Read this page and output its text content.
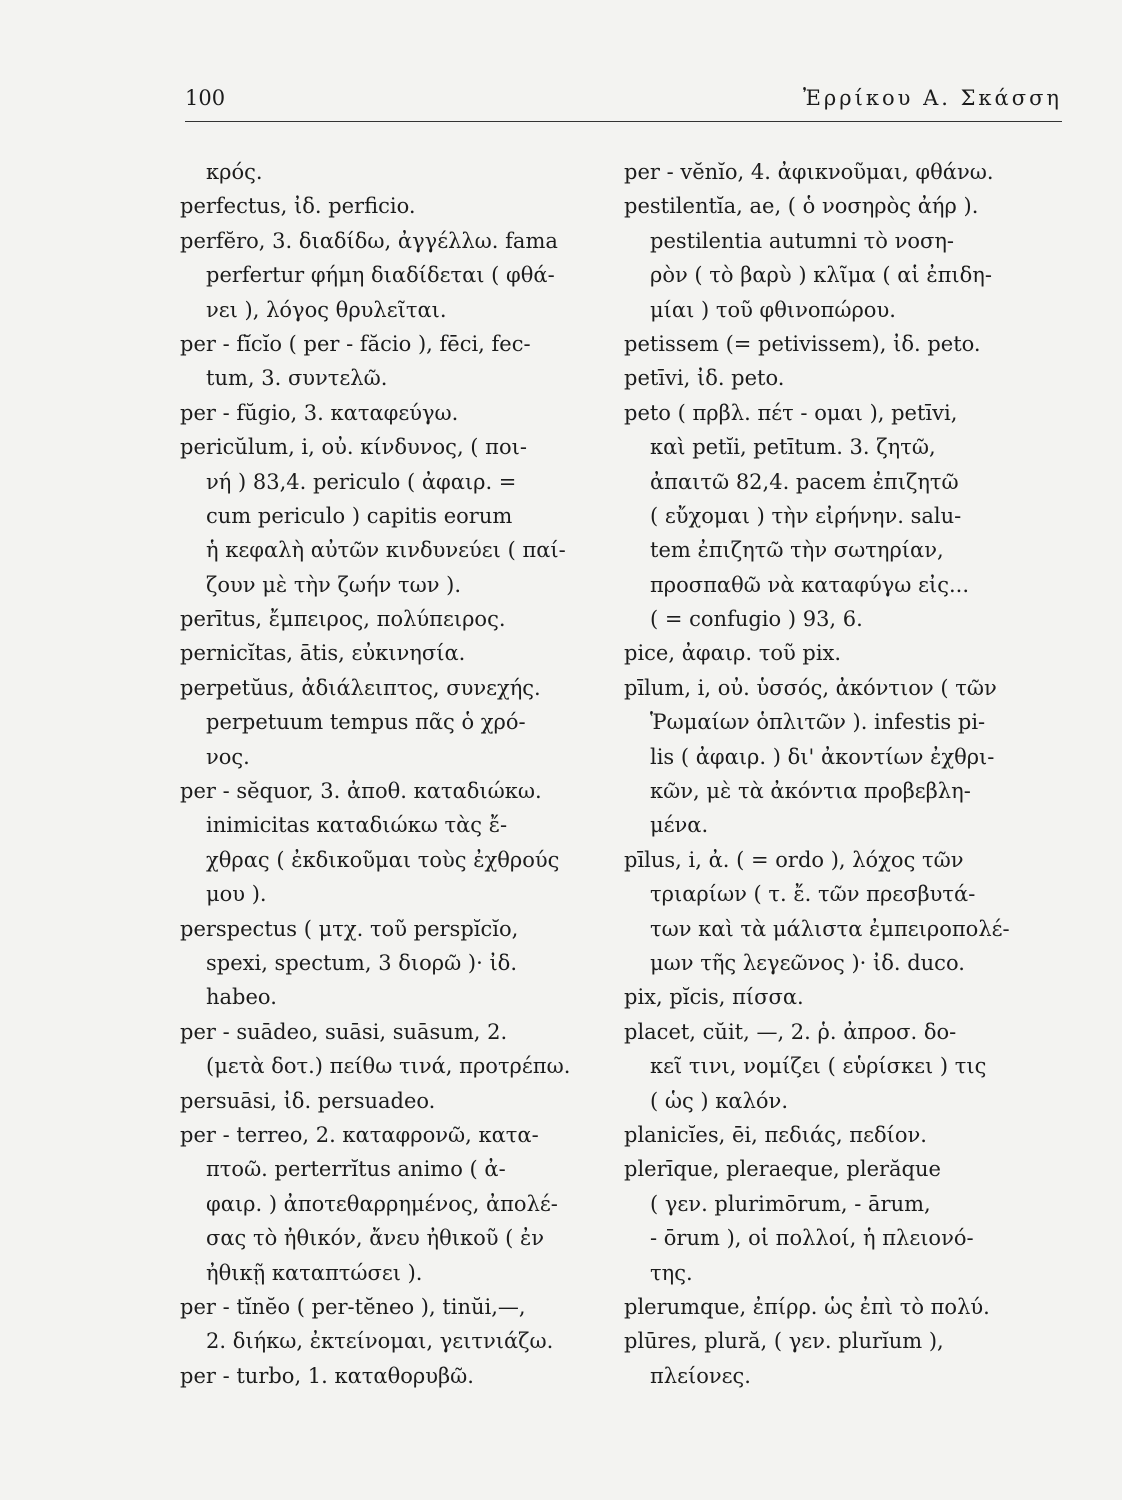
100	Ἐρρίκου Α. Σκάσση
κρός.
perfectus, ἰδ. perficio.
perfĕro, 3. διαδίδω, ἀγγέλλω. fama
perfertur φήμη διαδίδεται ( φθά-
νει ), λόγος θρυλεῖται.
per - fĭcĭo ( per - făcio ), fēci, fec-
tum, 3. συντελῶ.
per - fŭgio, 3. καταφεύγω.
pericŭlum, i, οὐ. κίνδυνος, ( ποι-
νή ) 83,4. periculo ( ἀφαιρ. =
cum periculo ) capitis eorum
ἡ κεφαλὴ αὐτῶν κινδυνεύει ( παί-
ζουν μὲ τὴν ζωήν των ).
perītus, ἔμπειρος, πολύπειρος.
pernicĭtas, ātis, εὐκινησία.
perpetŭus, ἀδιάλειπτος, συνεχής.
perpetuum tempus πᾶς ὁ χρό-
νος.
per - sĕquor, 3. ἀποθ. καταδιώκω.
inimicitas καταδιώκω τὰς ἔ-
χθρας ( ἐκδικοῦμαι τοὺς ἐχθρούς
μου ).
perspectus ( μτχ. τοῦ perspĭcĭo,
spexi, spectum, 3 διορῶ )· ἰδ.
habeo.
per - suādeo, suāsi, suāsum, 2.
(μετὰ δοτ.) πείθω τινά, προτρέπω.
persuāsi, ἰδ. persuadeo.
per - terreo, 2. καταφρονῶ, κατα-
πτοῶ. perterrĭtus animo ( ἀ-
φαιρ. ) ἀποτεθαρρημένος, ἀπολέ-
σας τὸ ἠθικόν, ἄνευ ἠθικοῦ ( ἐν
ἠθικῇ καταπτώσει ).
per - tĭnĕo ( per-tĕneo ), tinŭi,—,
2. διήκω, ἐκτείνομαι, γειτνιάζω.
per - turbo, 1. καταθορυβῶ.
per - vĕnĭo, 4. ἀφικνοῦμαι, φθάνω.
pestilentĭa, ae, ( ὁ νοσηρὸς ἀήρ ).
pestilentia autumni τὸ νοση-
ρὸν ( τὸ βαρὺ ) κλῖμα ( αἱ ἐπιδη-
μίαι ) τοῦ φθινοπώρου.
petissem (= petivissem), ἰδ. peto.
petīvi, ἰδ. peto.
peto ( πρβλ. πέτ - ομαι ), petīvi,
καὶ petĭi, petītum. 3. ζητῶ,
ἀπαιτῶ 82,4. pacem ἐπιζητῶ
( εὔχομαι ) τὴν εἰρήνην. salu-
tem ἐπιζητῶ τὴν σωτηρίαν,
προσπαθῶ νὰ καταφύγω εἰς...
( = confugio ) 93, 6.
pice, ἀφαιρ. τοῦ pix.
pīlum, i, οὐ. ὑσσός, ἀκόντιον ( τῶν
Ῥωμαίων ὁπλιτῶν ). infestis pi-
lis ( ἀφαιρ. ) δι' ἀκοντίων ἐχθρι-
κῶν, μὲ τὰ ἀκόντια προβεβλη-
μένα.
pīlus, i, ἀ. ( = ordo ), λόχος τῶν
τριαρίων ( τ. ἔ. τῶν πρεσβυτά-
των καὶ τὰ μάλιστα ἐμπειροπολέ-
μων τῆς λεγεῶνος )· ἰδ. duco.
pix, pĭcis, πίσσα.
placet, cŭit, —, 2. ῥ. ἀπροσ. δο-
κεῖ τινι, νομίζει ( εὑρίσκει ) τις
( ὡς ) καλόν.
planicĭes, ēi, πεδιάς, πεδίον.
plerīque, pleraeque, plerăque
( γεν. plurimōrum, - ārum,
- ōrum ), οἱ πολλοί, ἡ πλειονό-
της.
plerumque, ἐπίρρ. ὡς ἐπὶ τὸ πολύ.
plūres, plură, ( γεν. plurĭum ),
πλείονες.
